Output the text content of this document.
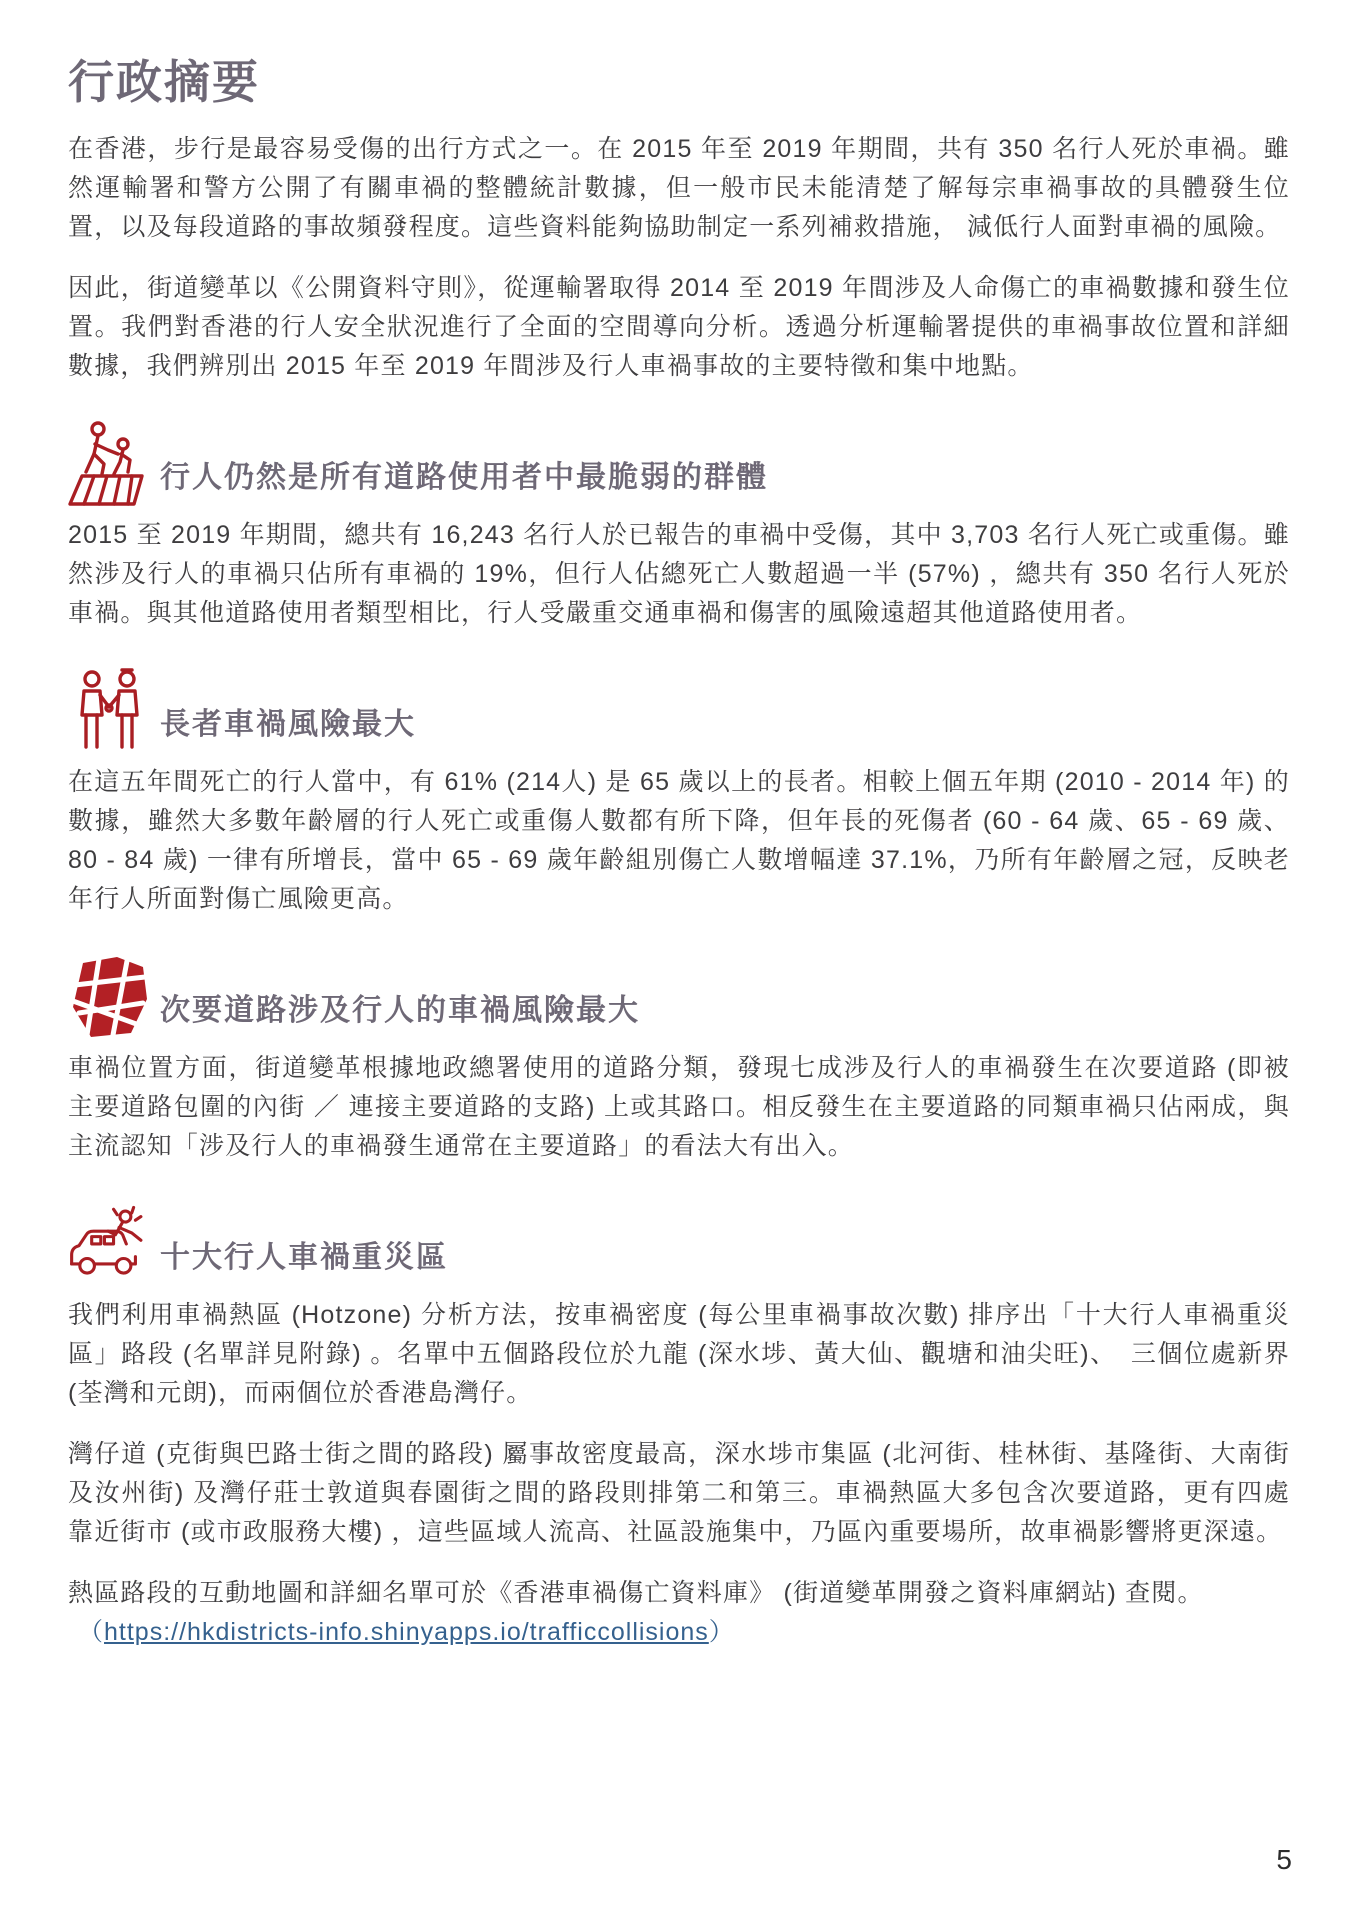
行政摘要

在香港，步行是最容易受傷的出行方式之一。在 2015 年至 2019 年期間，共有 350 名行人死於車禍。雖然運輸署和警方公開了有關車禍的整體統計數據，但一般市民未能清楚了解每宗車禍事故的具體發生位置，以及每段道路的事故頻發程度。這些資料能夠協助制定一系列補救措施， 減低行人面對車禍的風險。

因此，街道變革以《公開資料守則》，從運輸署取得 2014 至 2019 年間涉及人命傷亡的車禍數據和發生位置。我們對香港的行人安全狀況進行了全面的空間導向分析。透過分析運輸署提供的車禍事故位置和詳細數據，我們辨別出 2015 年至 2019 年間涉及行人車禍事故的主要特徵和集中地點。

行人仍然是所有道路使用者中最脆弱的群體

2015 至 2019 年期間，總共有 16,243 名行人於已報告的車禍中受傷，其中 3,703 名行人死亡或重傷。雖然涉及行人的車禍只佔所有車禍的 19%，但行人佔總死亡人數超過一半 (57%) ，總共有 350 名行人死於車禍。與其他道路使用者類型相比，行人受嚴重交通車禍和傷害的風險遠超其他道路使用者。

長者車禍風險最大

在這五年間死亡的行人當中，有 61% (214人) 是 65 歲以上的長者。相較上個五年期 (2010 - 2014 年) 的數據，雖然大多數年齡層的行人死亡或重傷人數都有所下降，但年長的死傷者 (60 - 64 歲、65 - 69 歲、80 - 84 歲) 一律有所增長，當中 65 - 69 歲年齡組別傷亡人數增幅達 37.1%，乃所有年齡層之冠，反映老年行人所面對傷亡風險更高。

次要道路涉及行人的車禍風險最大

車禍位置方面，街道變革根據地政總署使用的道路分類，發現七成涉及行人的車禍發生在次要道路 (即被主要道路包圍的內街 ／ 連接主要道路的支路) 上或其路口。相反發生在主要道路的同類車禍只佔兩成，與主流認知「涉及行人的車禍發生通常在主要道路」的看法大有出入。

十大行人車禍重災區

我們利用車禍熱區 (Hotzone) 分析方法，按車禍密度 (每公里車禍事故次數) 排序出「十大行人車禍重災區」路段 (名單詳見附錄) 。名單中五個路段位於九龍 (深水埗、黃大仙、觀塘和油尖旺)、　三個位處新界 (荃灣和元朗)，而兩個位於香港島灣仔。

灣仔道 (克街與巴路士街之間的路段) 屬事故密度最高，深水埗市集區 (北河街、桂林街、基隆街、大南街及汝州街) 及灣仔莊士敦道與春園街之間的路段則排第二和第三。車禍熱區大多包含次要道路，更有四處靠近街市 (或市政服務大樓) ，這些區域人流高、社區設施集中，乃區內重要場所，故車禍影響將更深遠。

熱區路段的互動地圖和詳細名單可於《香港車禍傷亡資料庫》 (街道變革開發之資料庫網站) 查閱。

（https://hkdistricts-info.shinyapps.io/trafficcollisions）

5
